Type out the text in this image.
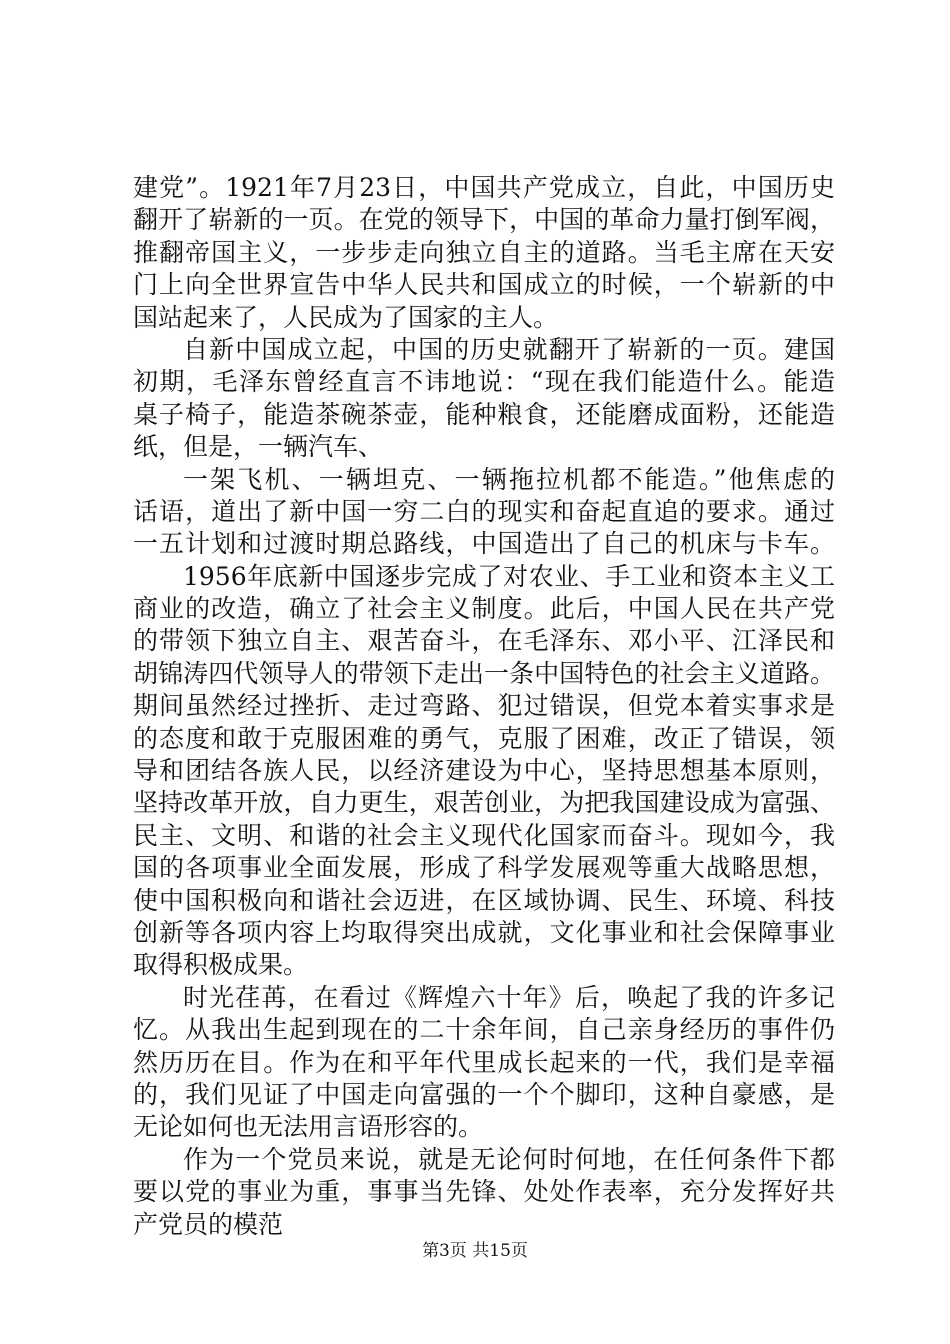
建党”。1921年7月23日，中国共产党成立，自此，中国历史
翻开了崭新的一页。在党的领导下，中国的革命力量打倒军阀，
推翻帝国主义，一步步走向独立自主的道路。当毛主席在天安
门上向全世界宣告中华人民共和国成立的时候，一个崭新的中
国站起来了，人民成为了国家的主人。
自新中国成立起，中国的历史就翻开了崭新的一页。建国
初期，毛泽东曾经直言不讳地说：“现在我们能造什么。能造
桌子椅子，能造茶碗茶壶，能种粮食，还能磨成面粉，还能造
纸，但是，一辆汽车、
一架飞机、一辆坦克、一辆拖拉机都不能造。”他焦虑的
话语，道出了新中国一穷二白的现实和奋起直追的要求。通过
一五计划和过渡时期总路线，中国造出了自己的机床与卡车。
1956年底新中国逐步完成了对农业、手工业和资本主义工
商业的改造，确立了社会主义制度。此后，中国人民在共产党
的带领下独立自主、艰苦奋斗，在毛泽东、邓小平、江泽民和
胡锦涛四代领导人的带领下走出一条中国特色的社会主义道路。
期间虽然经过挫折、走过弯路、犯过错误，但党本着实事求是
的态度和敢于克服困难的勇气，克服了困难，改正了错误，领
导和团结各族人民，以经济建设为中心，坚持思想基本原则，
坚持改革开放，自力更生，艰苦创业，为把我国建设成为富强、
民主、文明、和谐的社会主义现代化国家而奋斗。现如今，我
国的各项事业全面发展，形成了科学发展观等重大战略思想，
使中国积极向和谐社会迈进，在区域协调、民生、环境、科技
创新等各项内容上均取得突出成就，文化事业和社会保障事业
取得积极成果。
时光荏苒，在看过《辉煌六十年》后，唤起了我的许多记
忆。从我出生起到现在的二十余年间，自己亲身经历的事件仍
然历历在目。作为在和平年代里成长起来的一代，我们是幸福
的，我们见证了中国走向富强的一个个脚印，这种自豪感，是
无论如何也无法用言语形容的。
作为一个党员来说，就是无论何时何地，在任何条件下都
要以党的事业为重，事事当先锋、处处作表率，充分发挥好共
产党员的模范
第3页 共15页
